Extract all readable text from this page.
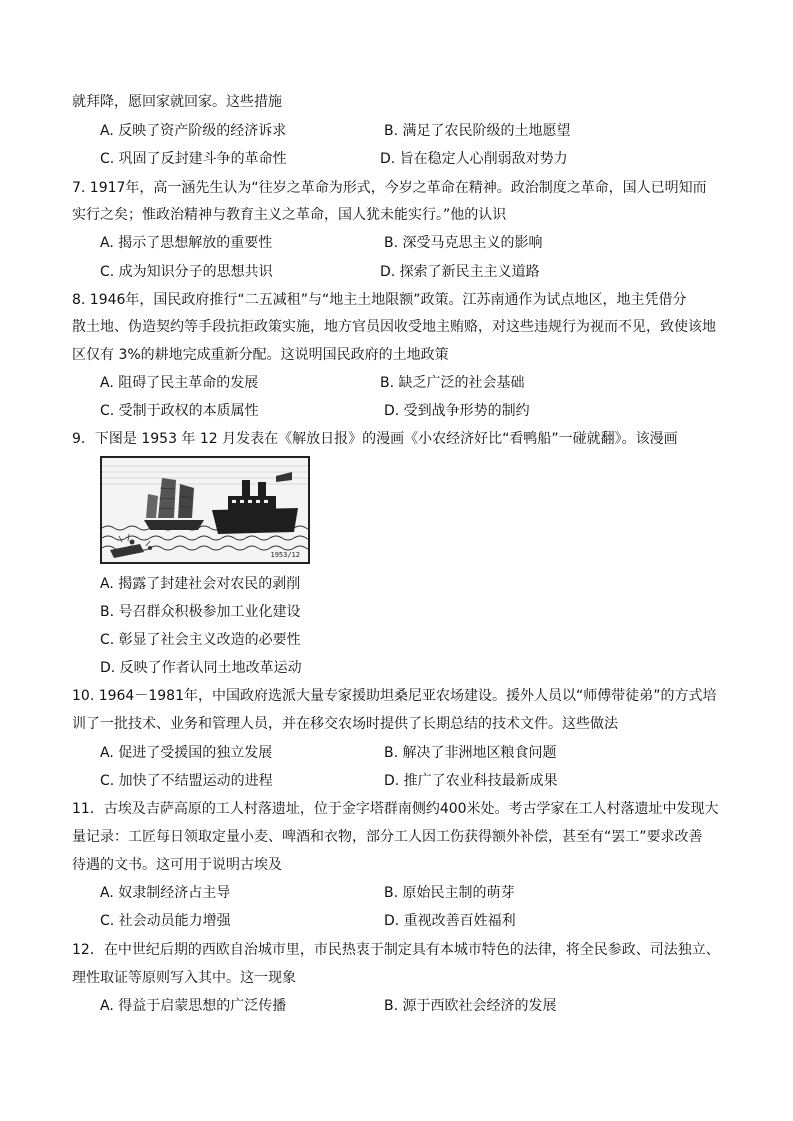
就拜降，愿回家就回家。这些措施
A. 反映了资产阶级的经济诉求	B. 满足了农民阶级的土地愿望
C. 巩固了反封建斗争的革命性	D. 旨在稳定人心削弱敌对势力
7. 1917年，高一涵先生认为“往岁之革命为形式，今岁之革命在精神。政治制度之革命，国人已明知而
实行之矣；惟政治精神与教育主义之革命，国人犹未能实行。”他的认识
A. 揭示了思想解放的重要性	B. 深受马克思主义的影响
C. 成为知识分子的思想共识	D. 探索了新民主主义道路
8. 1946年，国民政府推行“二五减租”与“地主土地限额”政策。江苏南通作为试点地区，地主凭借分
散土地、伪造契约等手段抗拒政策实施，地方官员因收受地主贿赂，对这些违规行为视而不见，致使该地
区仅有 3%的耕地完成重新分配。这说明国民政府的土地政策
A. 阻碍了民主革命的发展	B. 缺乏广泛的社会基础
C. 受制于政权的本质属性	D. 受到战争形势的制约
9．下图是 1953 年 12 月发表在《解放日报》的漫画《小农经济好比“看鸭船”一碰就翻》。该漫画
1953/12
A. 揭露了封建社会对农民的剥削
B. 号召群众积极参加工业化建设
C. 彰显了社会主义改造的必要性
D. 反映了作者认同土地改革运动
10. 1964－1981年，中国政府选派大量专家援助坦桑尼亚农场建设。援外人员以“师傅带徒弟”的方式培
训了一批技术、业务和管理人员，并在移交农场时提供了长期总结的技术文件。这些做法
A. 促进了受援国的独立发展	B. 解决了非洲地区粮食问题
C. 加快了不结盟运动的进程	D. 推广了农业科技最新成果
11．古埃及吉萨高原的工人村落遗址，位于金字塔群南侧约400米处。考古学家在工人村落遗址中发现大
量记录：工匠每日领取定量小麦、啤酒和衣物，部分工人因工伤获得额外补偿，甚至有“罢工”要求改善
待遇的文书。这可用于说明古埃及
A. 奴隶制经济占主导	B. 原始民主制的萌芽
C. 社会动员能力增强	D. 重视改善百姓福利
12．在中世纪后期的西欧自治城市里，市民热衷于制定具有本城市特色的法律，将全民参政、司法独立、
理性取证等原则写入其中。这一现象
A. 得益于启蒙思想的广泛传播	B. 源于西欧社会经济的发展
